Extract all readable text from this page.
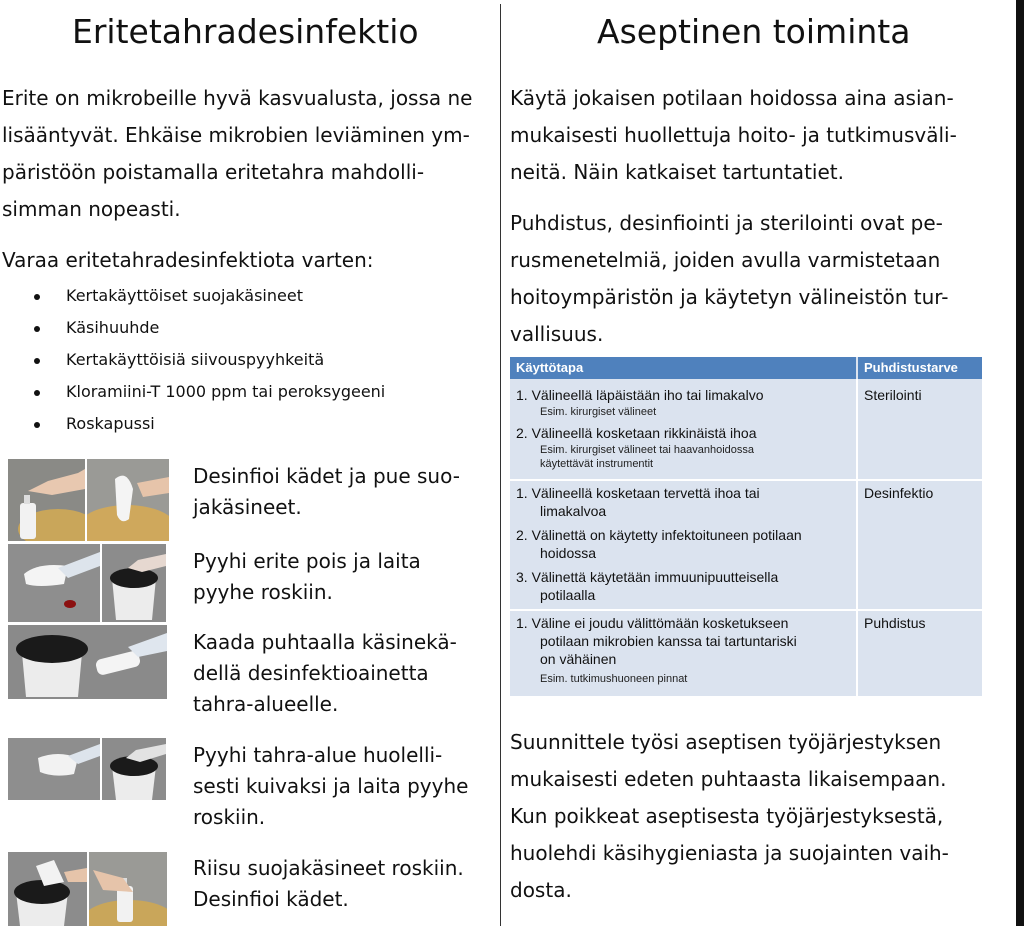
Eritetahradesinfektio
Erite on mikrobeille hyvä kasvualusta, jossa ne
lisääntyvät. Ehkäise mikrobien leviäminen ym-
päristöön poistamalla eritetahra mahdolli-
simman nopeasti.
Varaa eritetahradesinfektiota varten:
Kertakäyttöiset suojakäsineet
Käsihuuhde
Kertakäyttöisiä siivouspyyhkeitä
Kloramiini-T 1000 ppm tai peroksygeeni
Roskapussi
Desinfioi kädet ja pue suo-
jakäsineet.
Pyyhi erite pois ja laita
pyyhe roskiin.
Kaada puhtaalla käsinekä-
dellä desinfektioainetta
tahra-alueelle.
Pyyhi tahra-alue huolelli-
sesti kuivaksi ja laita pyyhe
roskiin.
Riisu suojakäsineet roskiin.
Desinfioi kädet.
Aseptinen toiminta
Käytä jokaisen potilaan hoidossa aina asian-
mukaisesti huollettuja hoito- ja tutkimusväli-
neitä. Näin katkaiset tartuntatiet.
Puhdistus, desinfiointi ja sterilointi ovat pe-
rusmenetelmiä, joiden avulla varmistetaan
hoitoympäristön ja käytetyn välineistön tur-
vallisuus.
Käyttötapa	Puhdistustarve
1. Välineellä läpäistään iho tai limakalvo
Esim. kirurgiset välineet
2. Välineellä kosketaan rikkinäistä ihoa
Esim. kirurgiset välineet tai haavanhoidossa
käytettävät instrumentit
Sterilointi
1. Välineellä kosketaan tervettä ihoa tai
limakalvoa
2. Välinettä on käytetty infektoituneen potilaan
hoidossa
3. Välinettä käytetään immuunipuutteisella
potilaalla
Desinfektio
1. Väline ei joudu välittömään kosketukseen
potilaan mikrobien kanssa tai tartuntariski
on vähäinen
Esim. tutkimushuoneen pinnat
Puhdistus
Suunnittele työsi aseptisen työjärjestyksen
mukaisesti edeten puhtaasta likaisempaan.
Kun poikkeat aseptisesta työjärjestyksestä,
huolehdi käsihygieniasta ja suojainten vaih-
dosta.
